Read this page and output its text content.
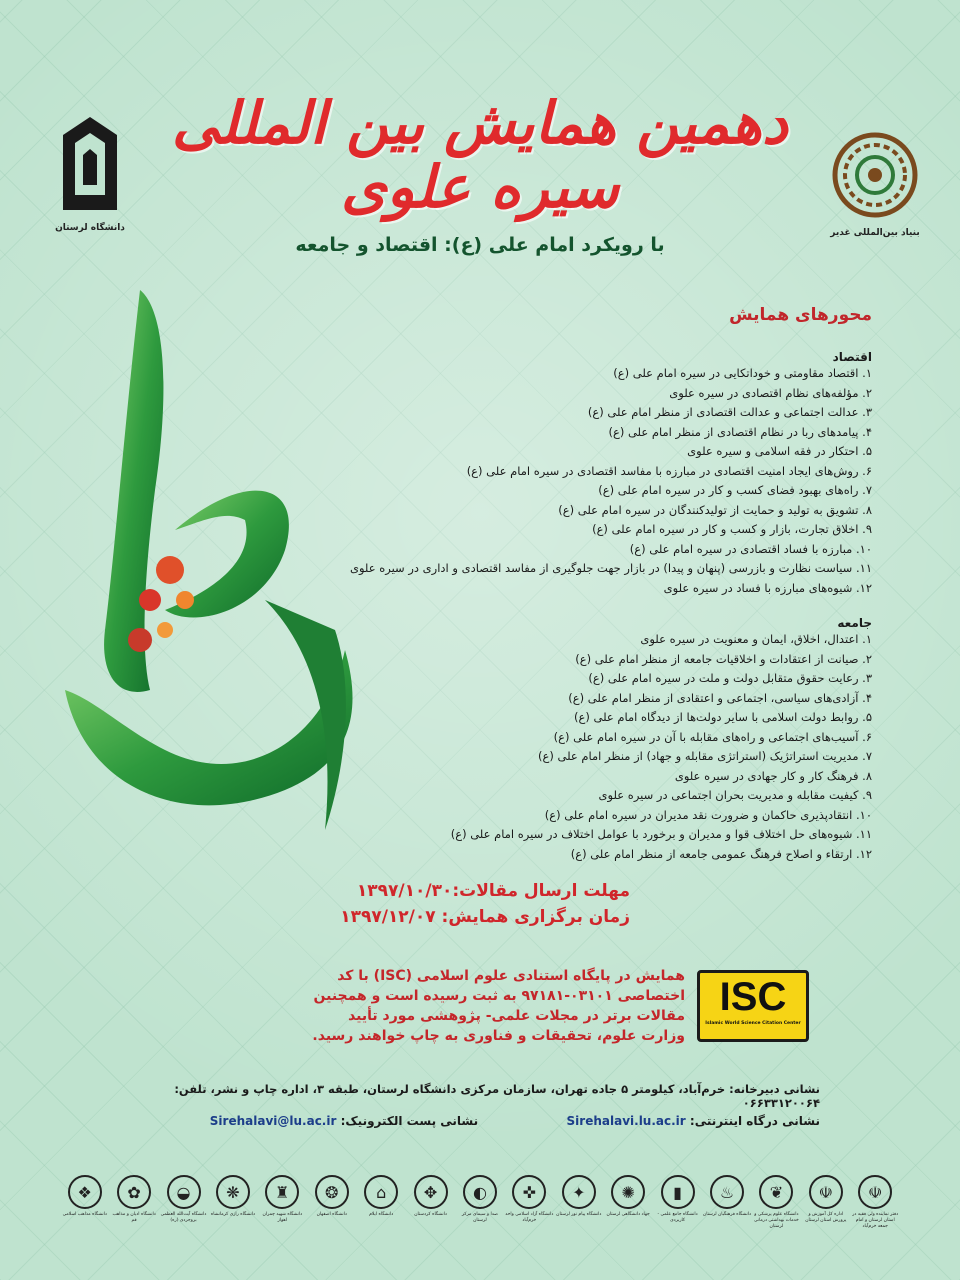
دانشگاه لرستان	بنیاد بین‌المللی غدیر
دهمین همایش بین المللی سیره علوی
با رویکرد امام علی (ع): اقتصاد و جامعه
محورهای همایش
اقتصاد
۱. اقتصاد مقاومتی و خوداتکایی در سیره امام علی (ع)
۲. مؤلفه‌های نظام اقتصادی در سیره علوی
۳. عدالت اجتماعی و عدالت اقتصادی از منظر امام علی (ع)
۴. پیامدهای ربا در نظام اقتصادی از منظر امام علی (ع)
۵. احتکار در فقه اسلامی و سیره علوی
۶. روش‌های ایجاد امنیت اقتصادی در مبارزه با مفاسد اقتصادی در سیره امام علی (ع)
۷. راه‌های بهبود فضای کسب و کار در سیره امام علی (ع)
۸. تشویق به تولید و حمایت از تولیدکنندگان در سیره امام علی (ع)
۹. اخلاق تجارت، بازار و کسب و کار در سیره امام علی (ع)
۱۰. مبارزه با فساد اقتصادی در سیره امام علی (ع)
۱۱. سیاست نظارت و بازرسی (پنهان و پیدا) در بازار جهت جلوگیری از مفاسد اقتصادی و اداری در سیره علوی
۱۲. شیوه‌های مبارزه با فساد در سیره علوی
جامعه
۱. اعتدال، اخلاق، ایمان و معنویت در سیره علوی
۲. صیانت از اعتقادات و اخلاقیات جامعه از منظر امام علی (ع)
۳. رعایت حقوق متقابل دولت و ملت در سیره امام علی (ع)
۴. آزادی‌های سیاسی، اجتماعی و اعتقادی از منظر امام علی (ع)
۵. روابط دولت اسلامی با سایر دولت‌ها از دیدگاه امام علی (ع)
۶. آسیب‌های اجتماعی و راه‌های مقابله با آن در سیره امام علی (ع)
۷. مدیریت استراتژیک (استراتژی مقابله و جهاد) از منظر امام علی (ع)
۸. فرهنگ کار و کار جهادی در سیره علوی
۹. کیفیت مقابله و مدیریت بحران اجتماعی در سیره علوی
۱۰. انتقادپذیری حاکمان و ضرورت نقد مدیران در سیره امام علی (ع)
۱۱. شیوه‌های حل اختلاف قوا و مدیران و برخورد با عوامل اختلاف در سیره امام علی (ع)
۱۲. ارتقاء و اصلاح فرهنگ عمومی جامعه از منظر امام علی (ع)
مهلت ارسال مقالات:۱۳۹۷/۱۰/۳۰
زمان برگزاری همایش: ۱۳۹۷/۱۲/۰۷
ISC
Islamic World Science Citation Center
همایش در پایگاه استنادی علوم اسلامی (ISC) با کد اختصاصی ۰۳۱۰۱-۹۷۱۸۱ به ثبت رسیده است و همچنین مقالات برتر در مجلات علمی- پژوهشی مورد تأیید وزارت علوم، تحقیقات و فناوری به چاپ خواهند رسید.
نشانی دبیرخانه: خرم‌آباد، کیلومتر ۵ جاده تهران، سازمان مرکزی دانشگاه لرستان، طبقه ۳، اداره چاپ و نشر، تلفن: ۰۶۶۳۳۱۲۰۰۶۴
نشانی درگاه اینترنتی: Sirehalavi.lu.ac.ir  نشانی پست الکترونیک: Sirehalavi@lu.ac.ir
☫
دفتر نماینده ولی فقیه در استان لرستان و امام جمعه خرم‌آباد
☫
اداره کل آموزش و پرورش استان لرستان
❦
دانشگاه علوم پزشکی و خدمات بهداشتی درمانی لرستان
♨
دانشگاه فرهنگیان لرستان
▮
دانشگاه جامع علمی - کاربردی
✺
جهاد دانشگاهی لرستان
✦
دانشگاه پیام نور لرستان
✜
دانشگاه آزاد اسلامی واحد خرم‌آباد
◐
صدا و سیمای مرکز لرستان
✥
دانشگاه کردستان
⌂
دانشگاه ایلام
❂
دانشگاه اصفهان
♜
دانشگاه شهید چمران اهواز
❋
دانشگاه رازی کرمانشاه
◒
دانشگاه آیت‌الله العظمی بروجردی (ره)
✿
دانشگاه ادیان و مذاهب قم
❖
دانشگاه مذاهب اسلامی
